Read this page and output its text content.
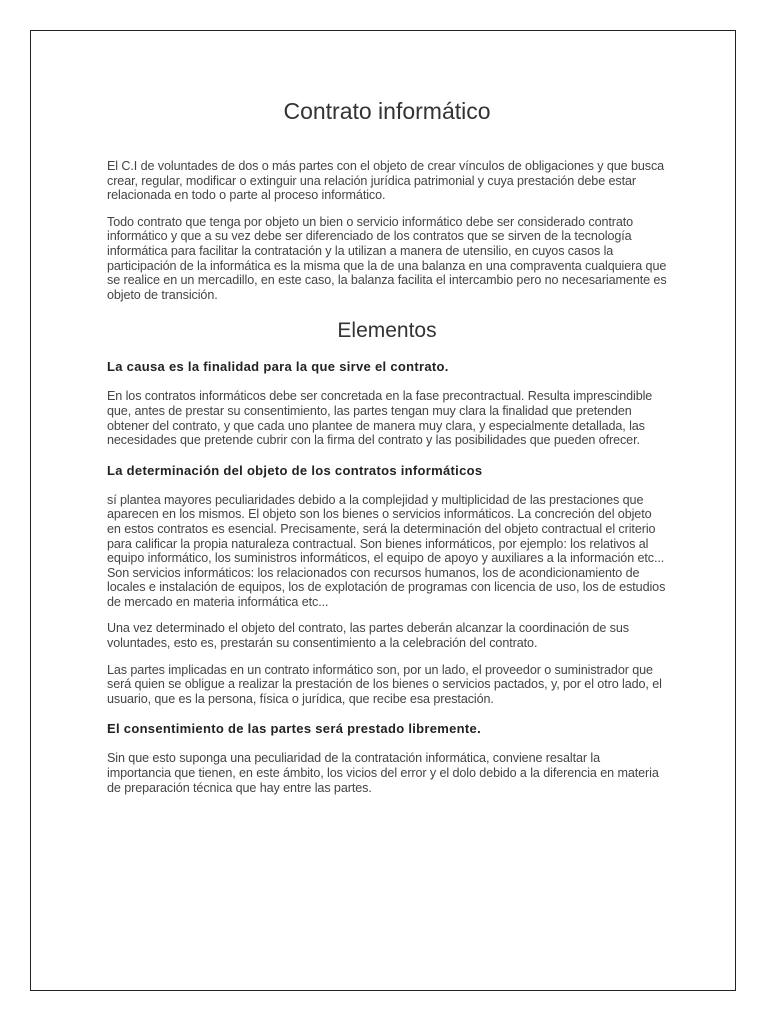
Contrato informático

El C.I de voluntades de dos o más partes con el objeto de crear vínculos de obligaciones y que busca crear, regular, modificar o extinguir una relación jurídica patrimonial y cuya prestación debe estar relacionada en todo o parte al proceso informático.

Todo contrato que tenga por objeto un bien o servicio informático debe ser considerado contrato informático y que a su vez debe ser diferenciado de los contratos que se sirven de la tecnología informática para facilitar la contratación y la utilizan a manera de utensilio, en cuyos casos la participación de la informática es la misma que la de una balanza en una compraventa cualquiera que se realice en un mercadillo, en este caso, la balanza facilita el intercambio pero no necesariamente es objeto de transición.

Elementos
La causa es la finalidad para la que sirve el contrato.

En los contratos informáticos debe ser concretada en la fase precontractual. Resulta imprescindible que, antes de prestar su consentimiento, las partes tengan muy clara la finalidad que pretenden obtener del contrato, y que cada uno plantee de manera muy clara, y especialmente detallada, las necesidades que pretende cubrir con la firma del contrato y las posibilidades que pueden ofrecer.

La determinación del objeto de los contratos informáticos

sí plantea mayores peculiaridades debido a la complejidad y multiplicidad de las prestaciones que aparecen en los mismos. El objeto son los bienes o servicios informáticos. La concreción del objeto en estos contratos es esencial. Precisamente, será la determinación del objeto contractual el criterio para calificar la propia naturaleza contractual. Son bienes informáticos, por ejemplo: los relativos al equipo informático, los suministros informáticos, el equipo de apoyo y auxiliares a la información etc... Son servicios informáticos: los relacionados con recursos humanos, los de acondicionamiento de locales e instalación de equipos, los de explotación de programas con licencia de uso, los de estudios de mercado en materia informática etc...

Una vez determinado el objeto del contrato, las partes deberán alcanzar la coordinación de sus voluntades, esto es, prestarán su consentimiento a la celebración del contrato.

Las partes implicadas en un contrato informático son, por un lado, el proveedor o suministrador que será quien se obligue a realizar la prestación de los bienes o servicios pactados, y, por el otro lado, el usuario, que es la persona, física o jurídica, que recibe esa prestación.

El consentimiento de las partes será prestado libremente.

Sin que esto suponga una peculiaridad de la contratación informática, conviene resaltar la importancia que tienen, en este ámbito, los vicios del error y el dolo debido a la diferencia en materia de preparación técnica que hay entre las partes.
